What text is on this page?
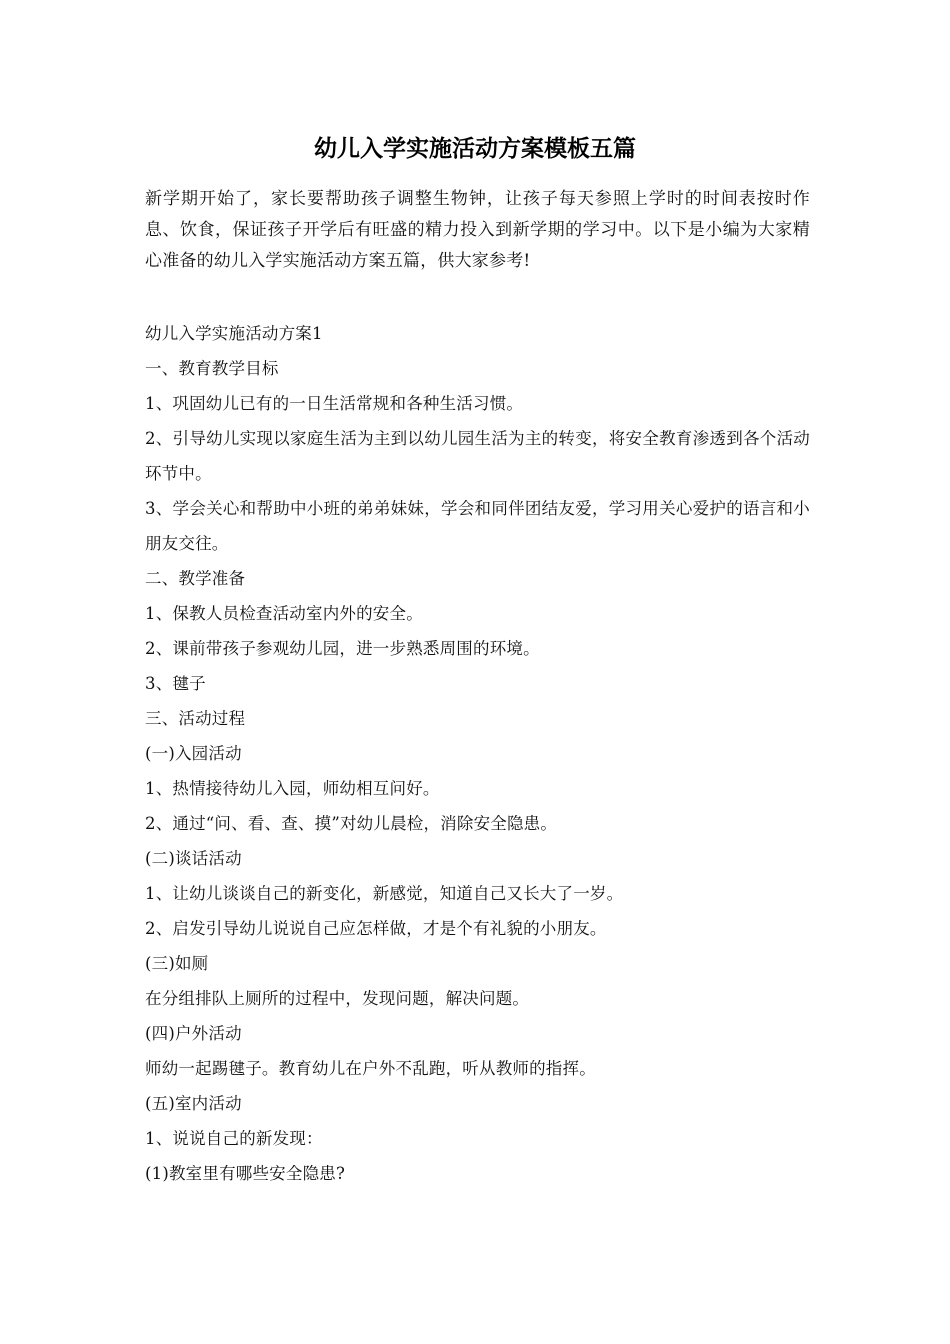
幼儿入学实施活动方案模板五篇

新学期开始了，家长要帮助孩子调整生物钟，让孩子每天参照上学时的时间表按时作息、饮食，保证孩子开学后有旺盛的精力投入到新学期的学习中。以下是小编为大家精心准备的幼儿入学实施活动方案五篇，供大家参考!

幼儿入学实施活动方案1

一、教育教学目标

1、巩固幼儿已有的一日生活常规和各种生活习惯。

2、引导幼儿实现以家庭生活为主到以幼儿园生活为主的转变，将安全教育渗透到各个活动环节中。

3、学会关心和帮助中小班的弟弟妹妹，学会和同伴团结友爱，学习用关心爱护的语言和小朋友交往。

二、教学准备

1、保教人员检查活动室内外的安全。

2、课前带孩子参观幼儿园，进一步熟悉周围的环境。

3、毽子

三、活动过程

(一)入园活动

1、热情接待幼儿入园，师幼相互问好。

2、通过“问、看、查、摸”对幼儿晨检，消除安全隐患。

(二)谈话活动

1、让幼儿谈谈自己的新变化，新感觉，知道自己又长大了一岁。

2、启发引导幼儿说说自己应怎样做，才是个有礼貌的小朋友。

(三)如厕

在分组排队上厕所的过程中，发现问题，解决问题。

(四)户外活动

师幼一起踢毽子。教育幼儿在户外不乱跑，听从教师的指挥。

(五)室内活动

1、说说自己的新发现：

(1)教室里有哪些安全隐患?
